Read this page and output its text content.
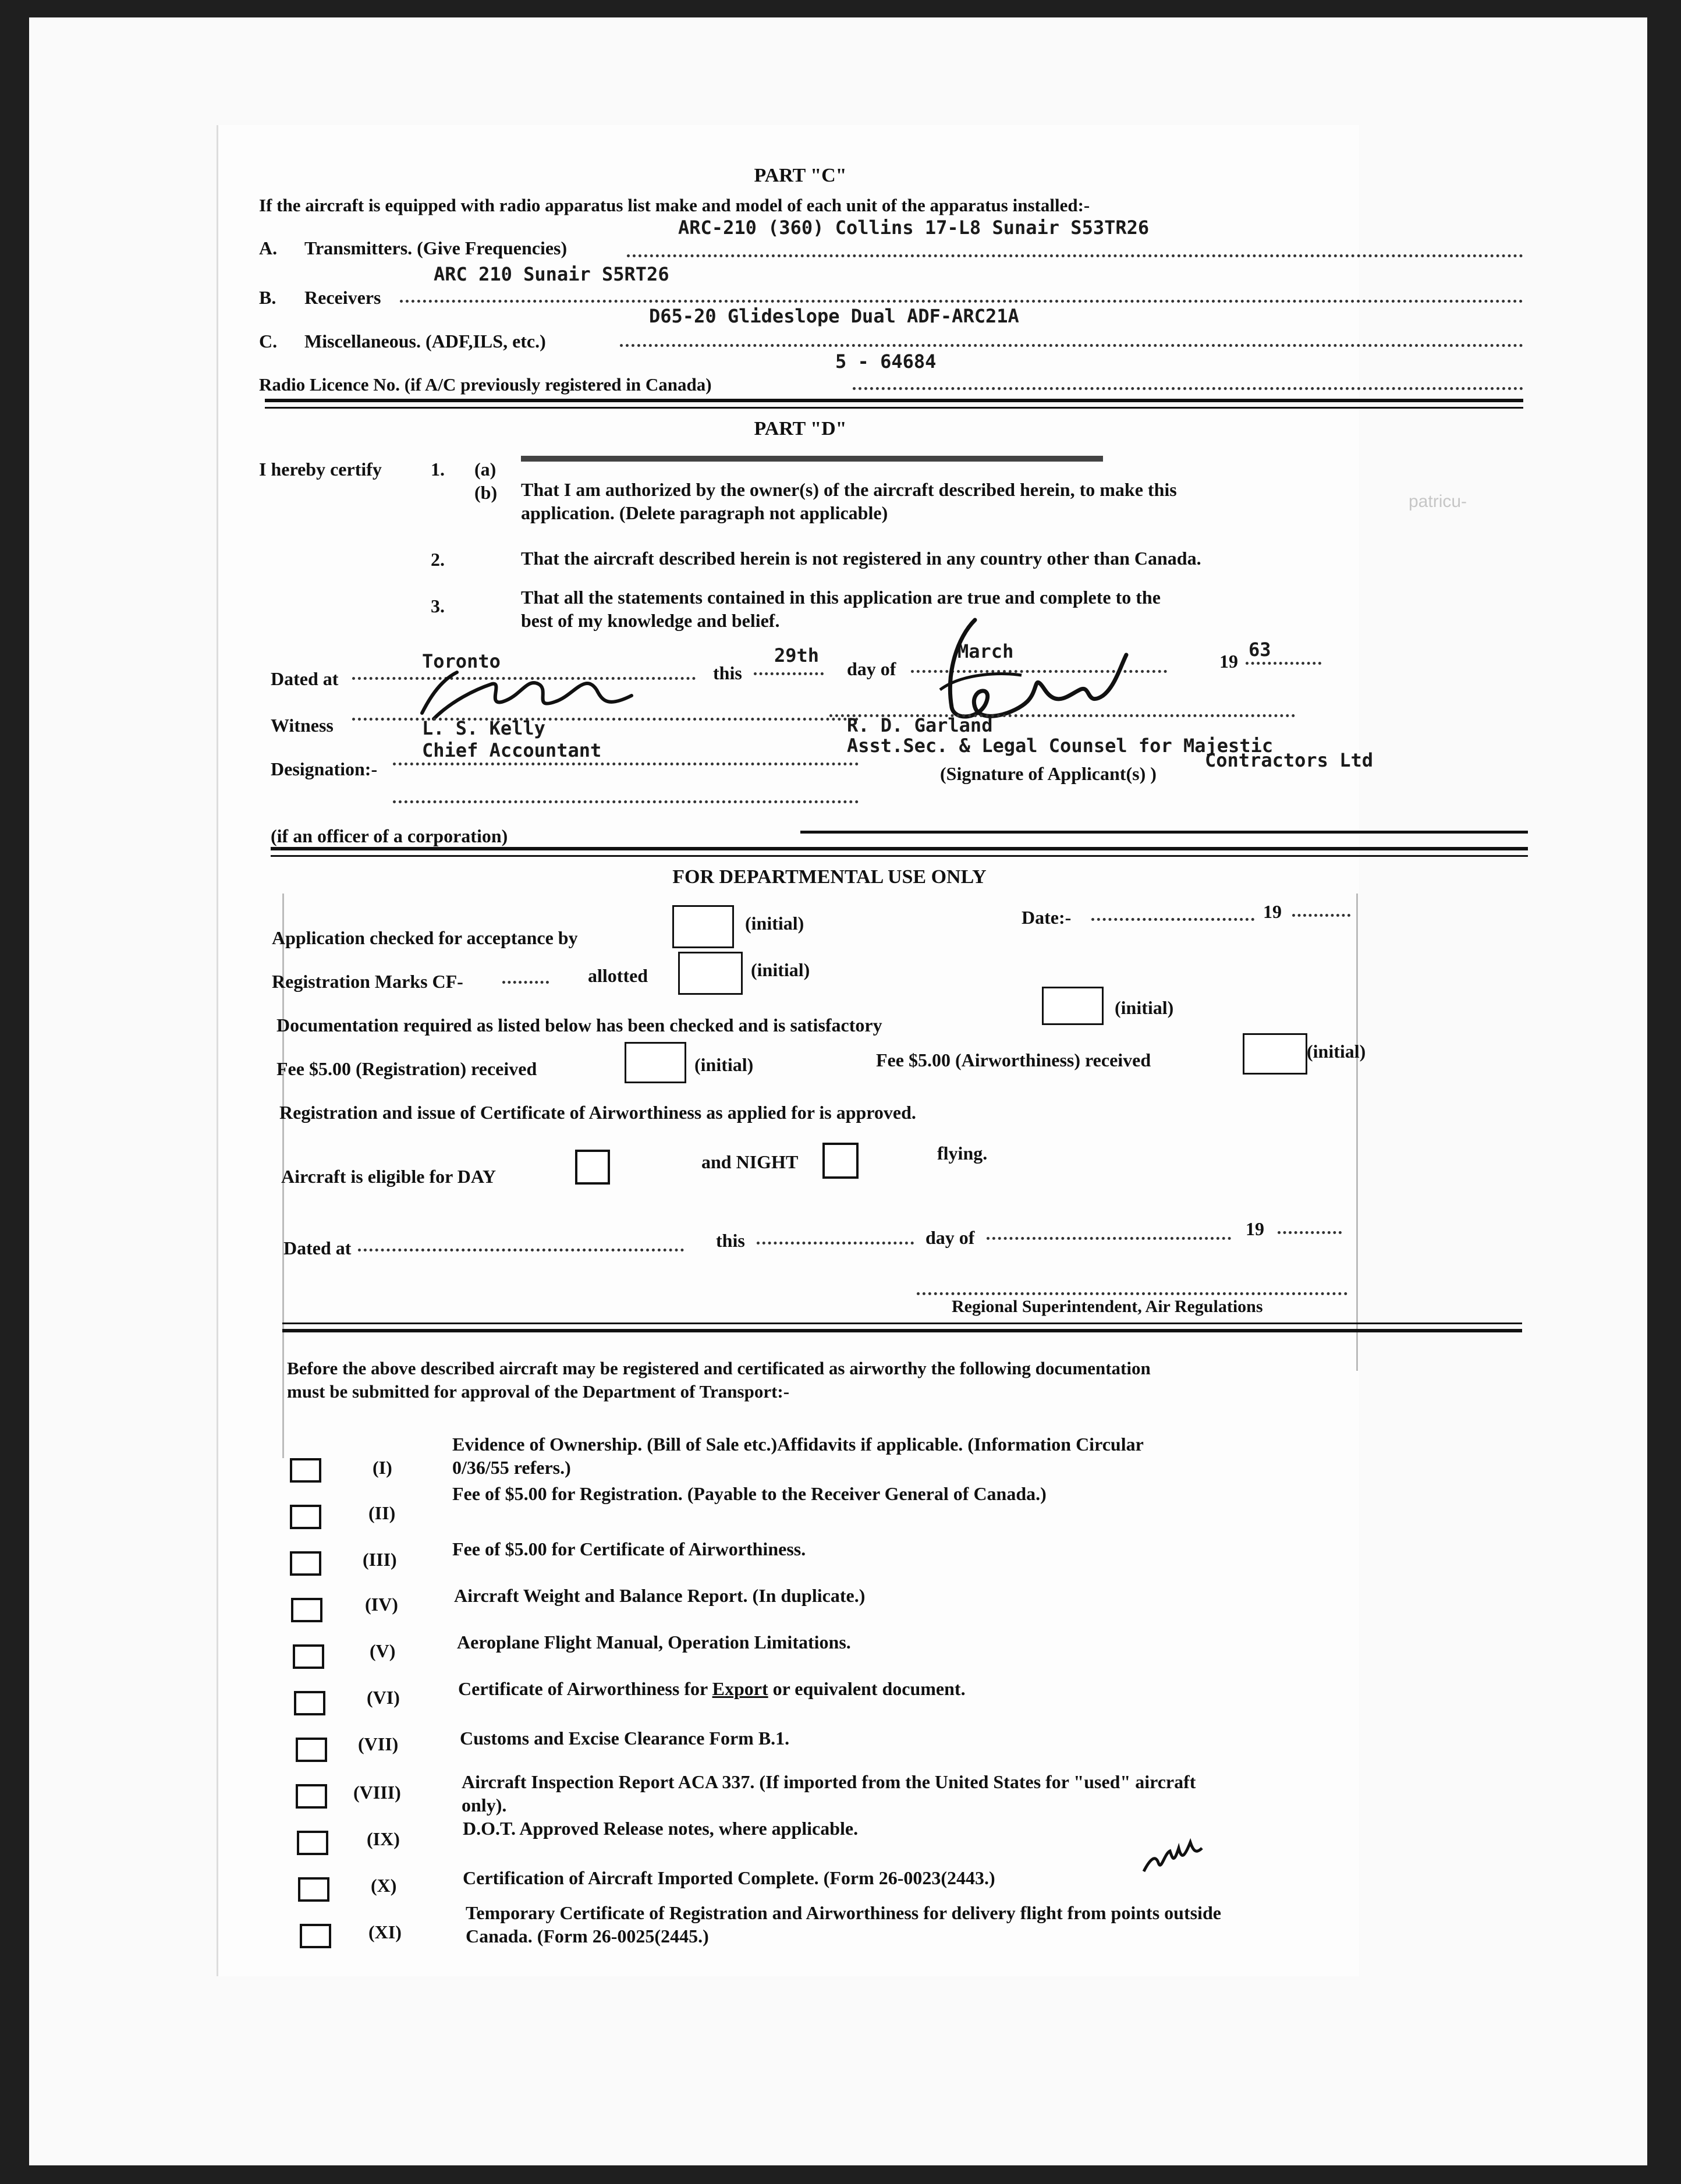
patricu-
PART "C"
If the aircraft is equipped with radio apparatus list make and model of each unit of the apparatus installed:-
A. Transmitters. (Give Frequencies)
ARC-210 (360) Collins 17-L8 Sunair S53TR26
ARC 210 Sunair S5RT26
B. Receivers
D65-20 Glideslope Dual ADF-ARC21A
C. Miscellaneous. (ADF,ILS, etc.)
5 - 64684
Radio Licence No. (if A/C previously registered in Canada)
PART "D"
I hereby certify	1. (a)
(b) That I am authorized by the owner(s) of the aircraft described herein, to make this
application. (Delete paragraph not applicable)
2.	That the aircraft described herein is not registered in any country other than Canada.
3.	That all the statements contained in this application are true and complete to the
best of my knowledge and belief.
Dated at
Toronto
this
29th
day of
March	19
63
Witness	L. S. Kelly
Designation:-
Chief Accountant
R. D. Garland
Asst.Sec. & Legal Counsel for Majestic
Contractors Ltd
(Signature of Applicant(s) )
(if an officer of a corporation)
FOR DEPARTMENTAL USE ONLY
Application checked for acceptance by
(initial)	Date:-	19
Registration Marks CF-	allotted	(initial)
Documentation required as listed below has been checked and is satisfactory
(initial)
Fee $5.00 (Registration) received	(initial)	Fee $5.00 (Airworthiness) received	(initial)
Registration and issue of Certificate of Airworthiness as applied for is approved.
Aircraft is eligible for DAY
and NIGHT	flying.
Dated at	this	day of	19
Regional Superintendent, Air Regulations
Before the above described aircraft may be registered and certificated as airworthy the following documentation
must be submitted for approval of the Department of Transport:-
(I)
Evidence of Ownership. (Bill of Sale etc.)Affidavits if applicable. (Information Circular
0/36/55 refers.)
(II)
Fee of $5.00 for Registration. (Payable to the Receiver General of Canada.)
(III)	Fee of $5.00 for Certificate of Airworthiness.
(IV)	Aircraft Weight and Balance Report. (In duplicate.)
(V)	Aeroplane Flight Manual, Operation Limitations.
(VI)	Certificate of Airworthiness for Export or equivalent document.
(VII)	Customs and Excise Clearance Form B.1.
(VIII)	Aircraft Inspection Report ACA 337. (If imported from the United States for "used" aircraft
only).
(IX)	D.O.T. Approved Release notes, where applicable.
(X)	Certification of Aircraft Imported Complete. (Form 26-0023(2443.)
(XI)
Temporary Certificate of Registration and Airworthiness for delivery flight from points outside
Canada. (Form 26-0025(2445.)
